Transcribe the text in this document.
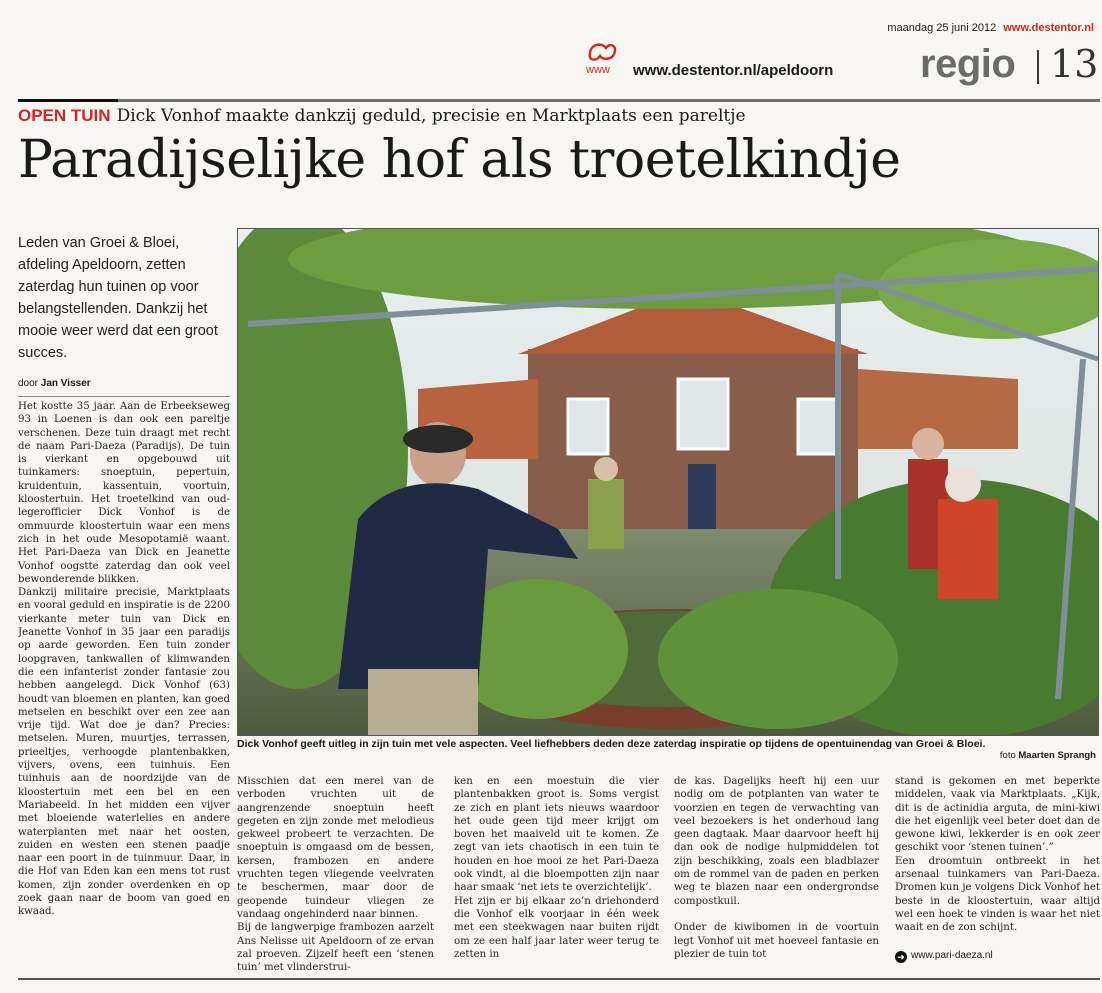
maandag 25 juni 2012 www.destentor.nl
www www.destentor.nl/apeldoorn regio 13
OPEN TUIN Dick Vonhof maakte dankzij geduld, precisie en Marktplaats een pareltje
Paradijselijke hof als troetelkindje
Leden van Groei & Bloei, afdeling Apeldoorn, zetten zaterdag hun tuinen op voor belangstellenden. Dankzij het mooie weer werd dat een groot succes.
door Jan Visser
Het kostte 35 jaar. Aan de Erbeekseweg 93 in Loenen is dan ook een pareltje verschenen. Deze tuin draagt met recht de naam Pari-Daeza (Paradijs). De tuin is vierkant en opgebouwd uit tuinkamers: snoeptuin, pepertuin, kruidentuin, kassentuin, voortuin, kloostertuin. Het troetelkind van oud-legerofficier Dick Vonhof is de ommuurde kloostertuin waar een mens zich in het oude Mesopotamië waant. Het Pari-Daeza van Dick en Jeanette Vonhof oogstte zaterdag dan ook veel bewonderende blikken.
Dankzij militaire precisie, Marktplaats en vooral geduld en inspiratie is de 2200 vierkante meter tuin van Dick en Jeanette Vonhof in 35 jaar een paradijs op aarde geworden. Een tuin zonder loopgraven, tankwallen of klimwanden die een infanterist zonder fantasie zou hebben aangelegd. Dick Vonhof (63) houdt van bloemen en planten, kan goed metselen en beschikt over een zee aan vrije tijd. Wat doe je dan? Precies: metselen. Muren, muurtjes, terrassen, prieeltjes, verhoogde plantenbakken, vijvers, ovens, een tuinhuis. Een tuinhuis aan de noordzijde van de kloostertuin met een bel en een Mariabeeld. In het midden een vijver met bloeiende waterlelies en andere waterplanten met naar het oosten, zuiden en westen een stenen paadje naar een poort in de tuinmuur. Daar, in die Hof van Eden kan een mens tot rust komen, zijn zonder overdenken en op zoek gaan naar de boom van goed en kwaad.
Misschien dat een merel van de verboden vruchten uit de aangrenzende snoeptuin heeft gegeten en zijn zonde met melodieus gekweel probeert te verzachten. De snoeptuin is omgaasd om de bessen, kersen, frambozen en andere vruchten tegen vliegende veelvraten te beschermen, maar door de geopende tuindeur vliegen ze vandaag ongehinderd naar binnen.
Bij de langwerpige frambozen aarzelt Ans Nelisse uit Apeldoorn of ze ervan zal proeven. Zijzelf heeft een ‘stenen tuin’ met vlinderstrui-
ken en een moestuin die vier plantenbakken groot is. Soms vergist ze zich en plant iets nieuws waardoor het oude geen tijd meer krijgt om boven het maaiveld uit te komen. Ze zegt van iets chaotisch in een tuin te houden en hoe mooi ze het Pari-Daeza ook vindt, al die bloempotten zijn naar haar smaak ‘net iets te overzichtelijk’.
Het zijn er bij elkaar zo’n driehonderd die Vonhof elk voorjaar in één week met een steekwagen naar buiten rijdt om ze een half jaar later weer terug te zetten in
de kas. Dagelijks heeft hij een uur nodig om de potplanten van water te voorzien en tegen de verwachting van veel bezoekers is het onderhoud lang geen dagtaak. Maar daarvoor heeft hij dan ook de nodige hulpmiddelen tot zijn beschikking, zoals een bladblazer om de rommel van de paden en perken weg te blazen naar een ondergrondse compostkuil.

Onder de kiwibomen in de voortuin legt Vonhof uit met hoeveel fantasie en plezier de tuin tot
stand is gekomen en met beperkte middelen, vaak via Marktplaats. „Kijk, dit is de actinidia arguta, de mini-kiwi die het eigenlijk veel beter doet dan de gewone kiwi, lekkerder is en ook zeer geschikt voor ‘stenen tuinen’.”
Een droomtuin ontbreekt in het arsenaal tuinkamers van Pari-Daeza. Dromen kun je volgens Dick Vonhof het beste in de kloostertuin, waar altijd wel een hoek te vinden is waar het niet waait en de zon schijnt.
➜ www.pari-daeza.nl
Dick Vonhof geeft uitleg in zijn tuin met vele aspecten. Veel liefhebbers deden deze zaterdag inspiratie op tijdens de opentuinendag van Groei & Bloei.
foto Maarten Sprangh
